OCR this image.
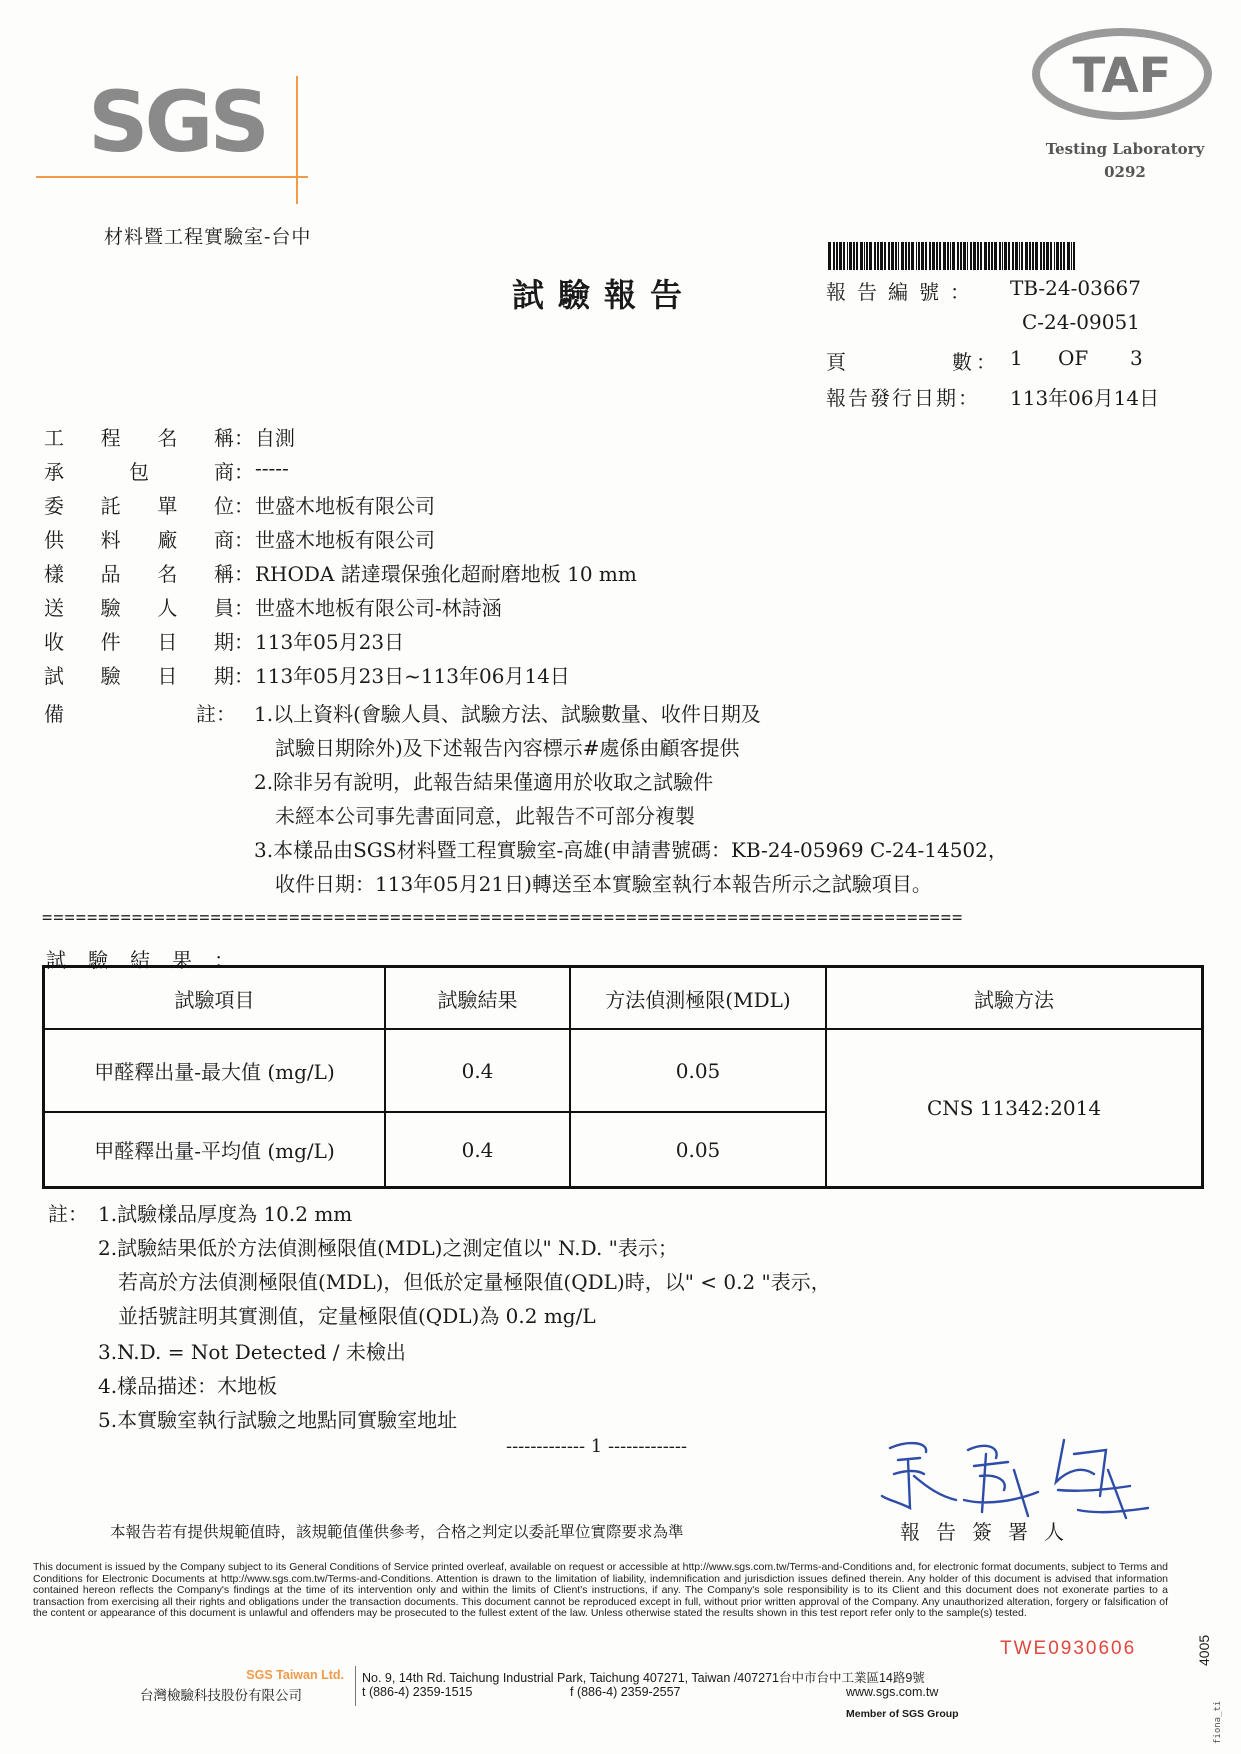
SGS
材料暨工程實驗室-台中
TAF
Testing Laboratory
0292
試驗報告	報告編號： TB-24-03667
C-24-09051
頁	數： 1 OF 3
報告發行日期： 113年06月14日
工 程 名 稱： 自測
承	包	商： -----
委 託 單 位： 世盛木地板有限公司
供 料 廠 商： 世盛木地板有限公司
樣 品 名 稱： RHODA 諾達環保強化超耐磨地板 10 mm
送 驗 人 員： 世盛木地板有限公司-林詩涵
收 件 日 期： 113年05月23日
試 驗 日 期： 113年05月23日~113年06月14日
備	註： 1.以上資料(會驗人員、試驗方法、試驗數量、收件日期及
試驗日期除外)及下述報告內容標示#處係由顧客提供
2.除非另有說明，此報告結果僅適用於收取之試驗件
未經本公司事先書面同意，此報告不可部分複製
3.本樣品由SGS材料暨工程實驗室-高雄(申請書號碼：KB-24-05969 C-24-14502，
收件日期：113年05月21日)轉送至本實驗室執行本報告所示之試驗項目。
==================================================================================
試驗結果：
試驗項目	試驗結果	方法偵測極限(MDL)	試驗方法
甲醛釋出量-最大值 (mg/L)	0.4	0.05
甲醛釋出量-平均值 (mg/L)	0.4	0.05
CNS 11342:2014
註： 1.試驗樣品厚度為 10.2 mm
2.試驗結果低於方法偵測極限值(MDL)之測定值以" N.D. "表示；
若高於方法偵測極限值(MDL)，但低於定量極限值(QDL)時，以" < 0.2 "表示，
並括號註明其實測值，定量極限值(QDL)為 0.2 mg/L
3.N.D. = Not Detected / 未檢出
4.樣品描述：木地板
5.本實驗室執行試驗之地點同實驗室地址
------------- 1 -------------
謝麗娟
本報告若有提供規範值時，該規範值僅供參考，合格之判定以委託單位實際要求為準	報告簽署人
This document is issued by the Company subject to its General Conditions of Service printed overleaf, available on request or accessible at http://www.sgs.com.tw/Terms-and-Conditions and, for electronic format documents, subject to Terms and Conditions for Electronic Documents at http://www.sgs.com.tw/Terms-and-Conditions. Attention is drawn to the limitation of liability, indemnification and jurisdiction issues defined therein. Any holder of this document is advised that information contained hereon reflects the Company's findings at the time of its intervention only and within the limits of Client's instructions, if any. The Company's sole responsibility is to its Client and this document does not exonerate parties to a transaction from exercising all their rights and obligations under the transaction documents. This document cannot be reproduced except in full, without prior written approval of the Company. Any unauthorized alteration, forgery or falsification of the content or appearance of this document is unlawful and offenders may be prosecuted to the fullest extent of the law. Unless otherwise stated the results shown in this test report refer only to the sample(s) tested.
TWE0930606
SGS Taiwan Ltd.
台灣檢驗科技股份有限公司
No. 9, 14th Rd. Taichung Industrial Park, Taichung 407271, Taiwan /407271台中市台中工業區14路9號
t (886-4) 2359-1515	f (886-4) 2359-2557	www.sgs.com.tw
Member of SGS Group
4005
fiona_ti
